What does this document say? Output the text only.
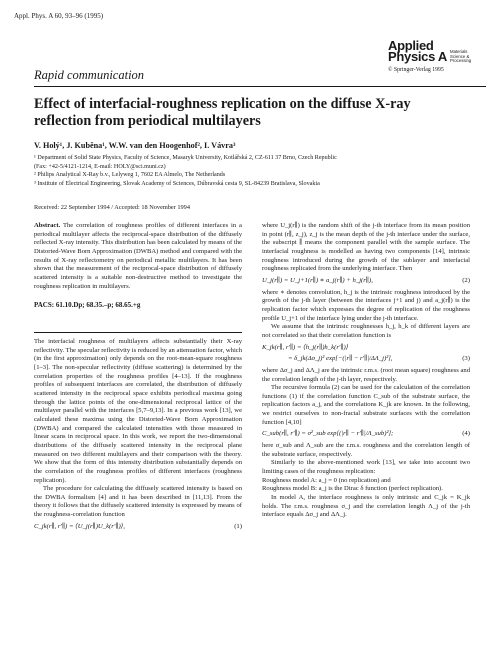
Appl. Phys. A 60, 93–96 (1995)
Applied
Physics A Materials
Science &
Processing
© Springer-Verlag 1995
Rapid communication
Effect of interfacial-roughness replication on the diffuse X-ray
reflection from periodical multilayers
V. Holý¹, J. Kuběna¹, W.W. van den Hoogenhof², I. Vávra³
¹ Department of Solid State Physics, Faculty of Science, Masaryk University, Kotlářská 2, CZ-611 37 Brno, Czech Republic
(Fax: +42-5/4121-1214, E-mail: HOLY@sci.muni.cz)
² Philips Analytical X-Ray b.v., Lelyweg 1, 7602 EA Almelo, The Netherlands
³ Institute of Electrical Engineering, Slovak Academy of Sciences, Dúbravská cesta 9, SL-84239 Bratislava, Slovakia
Received: 22 September 1994 / Accepted: 18 November 1994

Abstract. The correlation of roughness profiles of different interfaces in a periodical multilayer affects the reciprocal-space distribution of the diffusely reflected X-ray intensity. This distribution has been calculated by means of the Distorted-Wave Born Approximation (DWBA) method and compared with the results of X-ray reflectometry on periodical metallic multilayers. It has been shown that the measurement of the reciprocal-space distribution of diffusely scattered intensity is a suitable non-destructive method to investigate the roughness replication in multilayers.

PACS: 61.10.Dp; 68.35.–p; 68.65.+g

The interfacial roughness of multilayers affects substantially their X-ray reflectivity. The specular reflectivity is reduced by an attenuation factor, which (in the first approximation) only depends on the root-mean-square roughness [1–3]. The non-specular reflectivity (diffuse scattering) is determined by the correlation properties of the roughness profiles [4–13]. If the roughness profiles of subsequent interfaces are correlated, the distribution of diffusely scattered intensity in the reciprocal space exhibits periodical maxima going through the lattice points of the one-dimensional reciprocal lattice of the multilayer parallel with the interfaces [5,7–9,13]. In a previous work [13], we calculated these maxima using the Distorted-Wave Born Approximation (DWBA) and compared the calculated intensities with those measured in linear scans in reciprocal space. In this work, we report the two-dimensional distributions of the diffusely scattered intensity in the reciprocal plane measured on two different multilayers and their comparison with the theory. We show that the form of this intensity distribution substantially depends on the correlation of the roughness profiles of different interfaces (roughness replication).

The procedure for calculating the diffusely scattered intensity is based on the DWBA formalism [4] and it has been described in [11,13]. From the theory it follows that the diffusely scattered intensity is expressed by means of the roughness-correlation function

C_jk(r∥, r′∥) = ⟨U_j(r∥)U_k(r′∥)⟩,	(1)

where U_j(r∥) is the random shift of the j-th interface from its mean position in point (r∥, z_j), z_j is the mean depth of the j-th interface under the surface, the subscript ∥ means the component parallel with the sample surface. The interfacial roughness is modelled as having two components [14], intrinsic roughness introduced during the growth of the sublayer and interfacial roughness replicated from the underlying interface. Then

U_j(r∥) = U_j+1(r∥) ∗ a_j(r∥) + h_j(r∥),	(2)

where ∗ denotes convolution, h_j is the intrinsic roughness introduced by the growth of the j-th layer (between the interfaces j+1 and j) and a_j(r∥) is the replication factor which expresses the degree of replication of the roughness profile U_j+1 of the interface lying under the j-th interface.

We assume that the intrinsic roughnesses h_j, h_k of different layers are not correlated so that their correlation function is

K_jk(r∥, r′∥) = ⟨h_j(r∥)h_k(r′∥)⟩
= δ_jk(Δσ_j)² exp[−(|r∥ − r′∥|/ΔΛ_j)²],	(3)

where Δσ_j and ΔΛ_j are the intrinsic r.m.s. (root mean square) roughness and the correlation length of the j-th layer, respectively.

The recursive formula (2) can be used for the calculation of the correlation functions (1) if the correlation function C_sub of the substrate surface, the replication factors a_j, and the correlations K_jk are known. In the following, we restrict ourselves to non-fractal substrate surfaces with the correlation function [4,10]

C_sub(r∥, r′∥) = σ²_sub exp[(|r∥ − r′∥|/Λ_sub)²];	(4)

here σ_sub and Λ_sub are the r.m.s. roughness and the correlation length of the substrate surface, respectively.

Similarly to the above-mentioned work [13], we take into account two limiting cases of the roughness replication:

Roughness model A: a_j = 0 (no replication) and

Roughness model B: a_j is the Dirac δ function (perfect replication).

In model A, the interface roughness is only intrinsic and C_jk = K_jk holds. The r.m.s. roughness σ_j and the correlation length Λ_j of the j-th interface equals Δσ_j and ΔΛ_j.
